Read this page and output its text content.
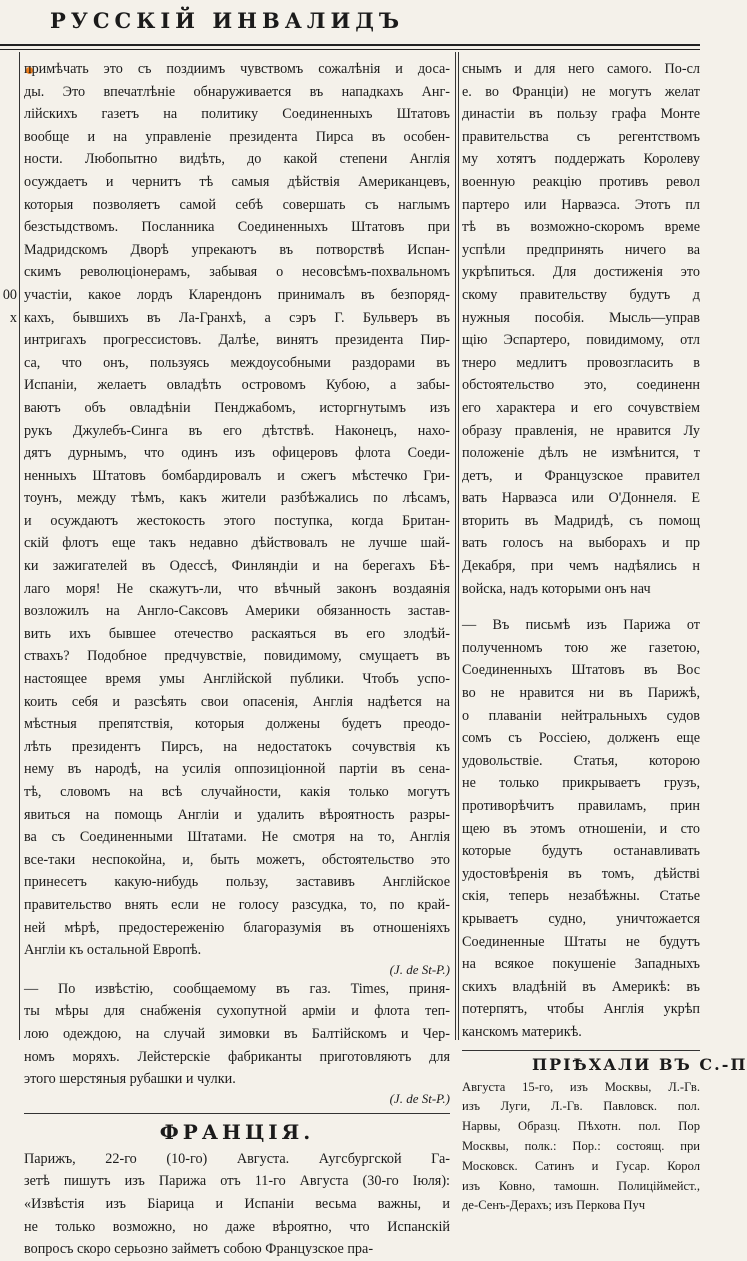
РУССКІЙ ИНВАЛИДЪ

00
x

примѣчать это съ поздиимъ чувствомъ сожалѣнія и доса-
ды. Это впечатлѣніе обнаруживается въ нападкахъ Анг-
лійскихъ газетъ на политику Соединенныхъ Штатовъ
вообще и на управленіе президента Пирса въ особен-
ности. Любопытно видѣть, до какой степени Англія
осуждаетъ и чернитъ тѣ самыя дѣйствія Американцевъ,
которыя позволяетъ самой себѣ совершать съ наглымъ
безстыдствомъ. Посланника Соединенныхъ Штатовъ при
Мадридскомъ Дворѣ упрекаютъ въ потворствѣ Испан-
скимъ революціонерамъ, забывая о несовсѣмъ-похвальномъ
участіи, какое лордъ Кларендонъ принималъ въ безпоряд-
кахъ, бывшихъ въ Ла-Гранхѣ, а сэръ Г. Бульверъ въ
интригахъ прогрессистовъ. Далѣе, винятъ президента Пир-
са, что онъ, пользуясь междоусобными раздорами въ
Испаніи, желаетъ овладѣть островомъ Кубою, а забы-
ваютъ объ овладѣніи Пенджабомъ, исторгнутымъ изъ
рукъ Джулебъ-Синга въ его дѣтствѣ. Наконецъ, нахо-
дятъ дурнымъ, что одинъ изъ офицеровъ флота Соеди-
ненныхъ Штатовъ бомбардировалъ и сжегъ мѣстечко Гри-
тоунъ, между тѣмъ, какъ жители разбѣжались по лѣсамъ,
и осуждаютъ жестокость этого поступка, когда Британ-
скій флотъ еще такъ недавно дѣйствовалъ не лучше шай-
ки зажигателей въ Одессѣ, Финляндіи и на берегахъ Бѣ-
лаго моря! Не скажутъ-ли, что вѣчный законъ воздаянія
возложилъ на Англо-Саксовъ Америки обязанность застав-
вить ихъ бывшее отечество раскаяться въ его злодѣй-
ствахъ? Подобное предчувствіе, повидимому, смущаетъ въ
настоящее время умы Англійской публики. Чтобъ успо-
коить себя и разсѣять свои опасенія, Англія надѣется на
мѣстныя препятствія, которыя должены будетъ преодо-
лѣть президентъ Пирсъ, на недостатокъ сочувствія къ
нему въ народѣ, на усилія оппозиціонной партіи въ сена-
тѣ, словомъ на всѣ случайности, какія только могутъ
явиться на помощь Англіи и удалить вѣроятность разры-
ва съ Соединенными Штатами. Не смотря на то, Англія
все-таки неспокойна, и, быть можетъ, обстоятельство это
принесетъ какую-нибудь пользу, заставивъ Англійское
правительство внять если не голосу разсудка, то, по край-
ней мѣрѣ, предостереженію благоразумія въ отношеніяхъ
Англіи къ остальной Европѣ.
(J. de St-P.)
— По извѣстію, сообщаемому въ газ. Times, приня-
ты мѣры для снабженія сухопутной арміи и флота теп-
лою одеждою, на случай зимовки въ Балтійскомъ и Чер-
номъ моряхъ. Лейстерскіе фабриканты приготовляютъ для
этого шерстяныя рубашки и чулки.
(J. de St-P.)
ФРАНЦІЯ.
Парижъ, 22-го (10-го) Августа. Аугсбургской Га-
зетѣ пишутъ изъ Парижа отъ 11-го Августа (30-го Іюля):
«Извѣстія изъ Біарица и Испаніи весьма важны, и
не только возможно, но даже вѣроятно, что Испанскій
вопросъ скоро серьозно займетъ собою Французское пра-
снымъ и для него самого. По-сл
е. во Франціи) не могутъ желат
династіи въ пользу графа Монте
правительства съ регентствомъ
му хотятъ поддержать Королеву
военную реакцію противъ револ
партеро или Нарваэса. Этотъ пл
тѣ въ возможно-скоромъ време
успѣли предпринять ничего ва
укрѣпиться. Для достиженія это
скому правительству будутъ д
нужныя пособія. Мысль—управ
щію Эспартеро, повидимому, отл
тнеро медлитъ провозгласить в
обстоятельство это, соединенн
его характера и его сочувствіем
образу правленія, не нравится Лу
положеніе дѣлъ не измѣнится, т
детъ, и Французское правител
вать Нарваэса или О'Доннеля. Е
вторить въ Мадридѣ, съ помощ
вать голосъ на выборахъ и пр
Декабря, при чемъ надѣялись н
войска, надъ которыми онъ нач
— Въ письмѣ изъ Парижа от
полученномъ тою же газетою,
Соединенныхъ Штатовъ въ Вос
во не нравится ни въ Парижѣ,
о плаваніи нейтральныхъ судов
сомъ съ Россіею, долженъ еще
удовольствіе. Статья, которою
не только прикрываетъ грузъ,
противорѣчитъ правиламъ, прин
щею въ этомъ отношеніи, и сто
которые будутъ останавливать
удостовѣренія въ томъ, дѣйстві
скія, теперь незабѣжны. Статье
крываетъ судно, уничтожается
Соединенные Штаты не будутъ
на всякое покушеніе Западныхъ
скихъ владѣній въ Америкѣ: въ
потерпятъ, чтобы Англія укрѣп
канскомъ материкѣ.
ПРІѢХАЛИ ВЪ С.-П
Августа 15-го, изъ Москвы, Л.-Гв.
изъ Луги, Л.-Гв. Павловск. пол.
Нарвы, Образц. Пѣхотн. пол. Пор
Москвы, полк.: Пор.: состоящ. при
Московск. Сатинъ и Гусар. Корол
изъ Ковно, тамошн. Полиціймейст.,
де-Сенъ-Дерахъ; изъ Перкова Пуч
